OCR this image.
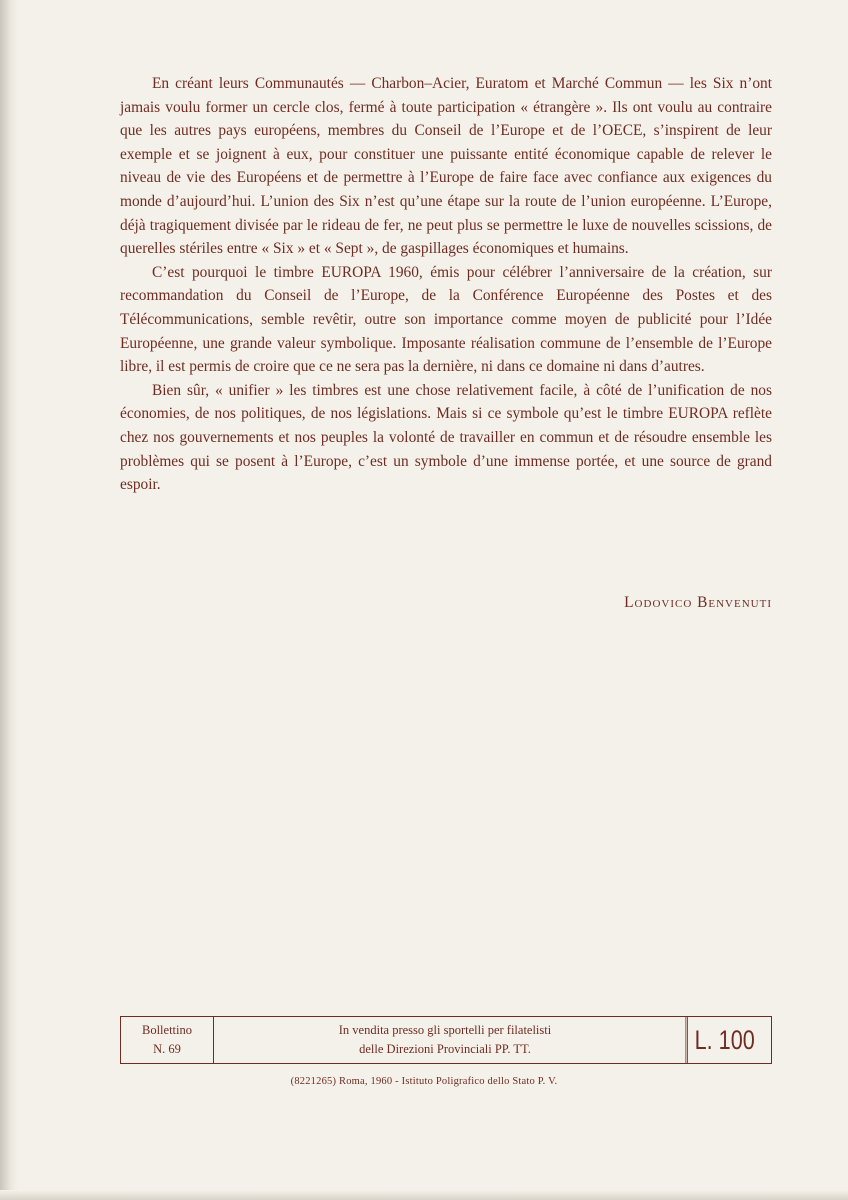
En créant leurs Communautés — Charbon–Acier, Euratom et Marché Commun — les Six n’ont jamais voulu former un cercle clos, fermé à toute participation « étrangère ». Ils ont voulu au contraire que les autres pays européens, membres du Conseil de l’Europe et de l’OECE, s’inspirent de leur exemple et se joignent à eux, pour constituer une puissante entité économique capable de relever le niveau de vie des Européens et de permettre à l’Europe de faire face avec confiance aux exigences du monde d’aujourd’hui. L’union des Six n’est qu’une étape sur la route de l’union européenne. L’Europe, déjà tragiquement divisée par le rideau de fer, ne peut plus se permettre le luxe de nouvelles scissions, de querelles stériles entre « Six » et « Sept », de gaspillages économiques et humains.

C’est pourquoi le timbre EUROPA 1960, émis pour célébrer l’anniversaire de la création, sur recommandation du Conseil de l’Europe, de la Conférence Européenne des Postes et des Télécommunications, semble revêtir, outre son importance comme moyen de publicité pour l’Idée Européenne, une grande valeur symbolique. Imposante réalisation commune de l’ensemble de l’Europe libre, il est permis de croire que ce ne sera pas la dernière, ni dans ce domaine ni dans d’autres.

Bien sûr, « unifier » les timbres est une chose relativement facile, à côté de l’unification de nos économies, de nos politiques, de nos législations. Mais si ce symbole qu’est le timbre EUROPA reflète chez nos gouvernements et nos peuples la volonté de travailler en commun et de résoudre ensemble les problèmes qui se posent à l’Europe, c’est un symbole d’une immense portée, et une source de grand espoir.

Lodovico Benvenuti
Bollettino
N. 69
In vendita presso gli sportelli per filatelisti
delle Direzioni Provinciali PP. TT.	L. 100
(8221265) Roma, 1960 - Istituto Poligrafico dello Stato P. V.
